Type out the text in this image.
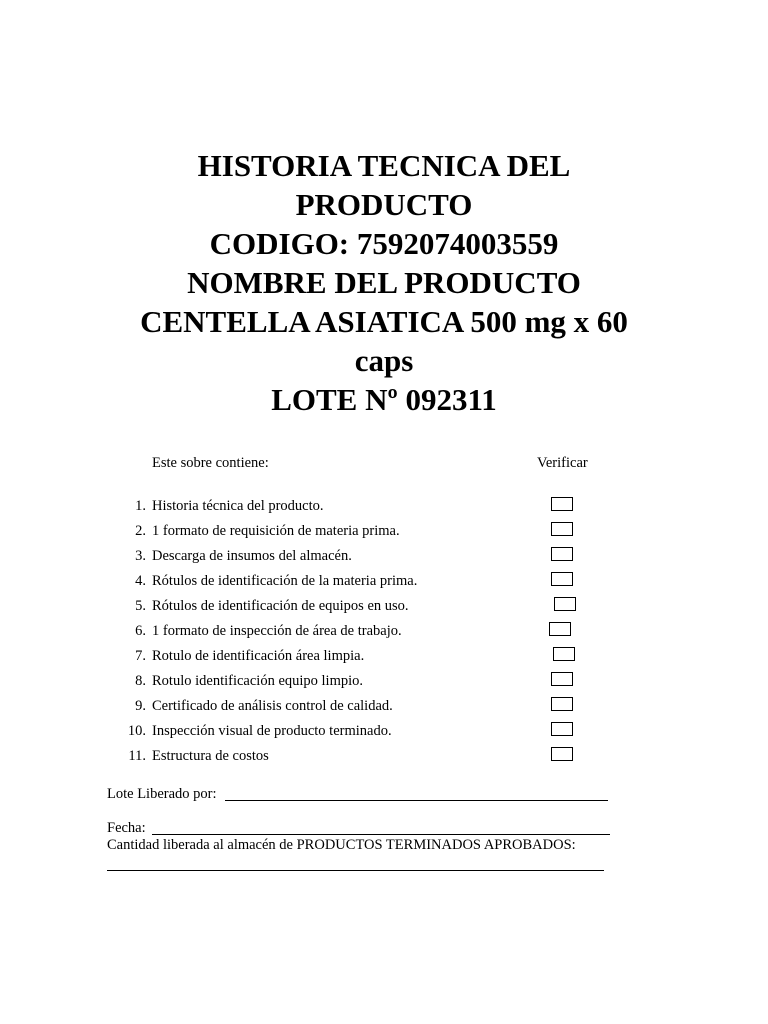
HISTORIA TECNICA DEL
PRODUCTO
CODIGO: 7592074003559
NOMBRE DEL PRODUCTO
CENTELLA ASIATICA 500 mg x 60
caps
LOTE Nº 092311
Este sobre contiene:	Verificar
1. Historia técnica del producto.
2. 1 formato de requisición de materia prima.
3. Descarga de insumos del almacén.
4. Rótulos de identificación de la materia prima.
5. Rótulos de identificación de equipos en uso.
6. 1 formato de inspección de área de trabajo.
7. Rotulo de identificación área limpia.
8. Rotulo identificación equipo limpio.
9. Certificado de análisis control de calidad.
10. Inspección visual de producto terminado.
11. Estructura de costos
Lote Liberado por:
Fecha:
Cantidad liberada al almacén de PRODUCTOS TERMINADOS APROBADOS:
